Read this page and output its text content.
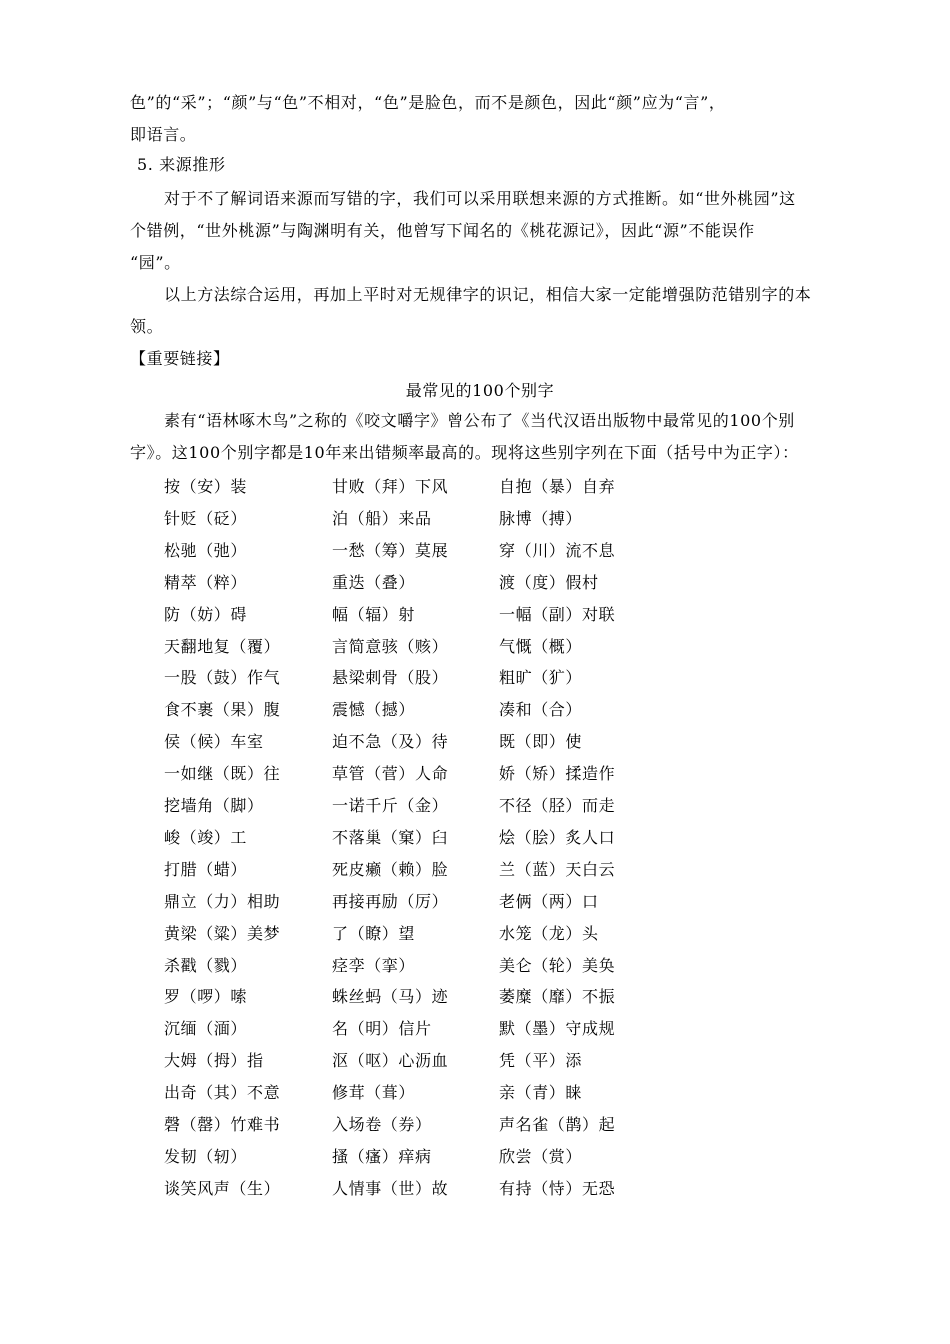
色”的“采”；“颜”与“色”不相对，“色”是脸色，而不是颜色，因此“颜”应为“言”，
即语言。
5. 来源推形
对于不了解词语来源而写错的字，我们可以采用联想来源的方式推断。如“世外桃园”这
个错例，“世外桃源”与陶渊明有关，他曾写下闻名的《桃花源记》，因此“源”不能误作
“园”。
以上方法综合运用，再加上平时对无规律字的识记，相信大家一定能增强防范错别字的本
领。
【重要链接】
最常见的100个别字
素有“语林啄木鸟”之称的《咬文嚼字》曾公布了《当代汉语出版物中最常见的100个别
字》。这100个别字都是10年来出错频率最高的。现将这些别字列在下面（括号中为正字）：
按（安）装	甘败（拜）下风	自抱（暴）自弃
针贬（砭）	泊（船）来品	脉博（搏）
松驰（弛）	一愁（筹）莫展	穿（川）流不息
精萃（粹）	重迭（叠）	渡（度）假村
防（妨）碍	幅（辐）射	一幅（副）对联
天翻地复（覆）	言简意骇（赅）	气慨（概）
一股（鼓）作气	悬梁刺骨（股）	粗旷（犷）
食不裹（果）腹	震憾（撼）	凑和（合）
侯（候）车室	迫不急（及）待	既（即）使
一如继（既）往	草管（菅）人命	娇（矫）揉造作
挖墙角（脚）	一诺千斤（金）	不径（胫）而走
峻（竣）工	不落巢（窠）臼	烩（脍）炙人口
打腊（蜡）	死皮癞（赖）脸	兰（蓝）天白云
鼎立（力）相助	再接再励（厉）	老俩（两）口
黄梁（粱）美梦	了（瞭）望	水笼（龙）头
杀戳（戮）	痉孪（挛）	美仑（轮）美奂
罗（啰）嗦	蛛丝蚂（马）迹	萎糜（靡）不振
沉缅（湎）	名（明）信片	默（墨）守成规
大姆（拇）指	沤（呕）心沥血	凭（平）添
出奇（其）不意	修茸（葺）	亲（青）睐
磬（罄）竹难书	入场卷（券）	声名雀（鹊）起
发韧（轫）	搔（瘙）痒病	欣尝（赏）
谈笑风声（生）	人情事（世）故	有持（恃）无恐
